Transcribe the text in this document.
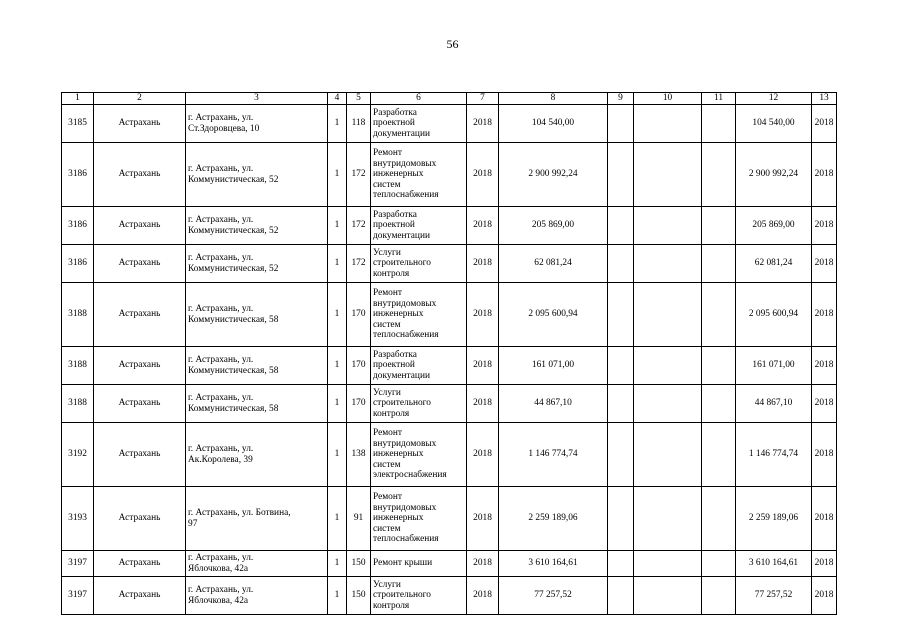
56
1	2	3	4	5	6	7	8	9	10	11	12	13
3185	Астрахань	г. Астрахань, ул.
Ст.Здоровцева, 10	1	118	Разработка
проектной
документации	2018	104 540,00				104 540,00	2018
3186	Астрахань	г. Астрахань, ул.
Коммунистическая, 52	1	172	Ремонт
внутридомовых
инженерных
систем
теплоснабжения	2018	2 900 992,24				2 900 992,24	2018
3186	Астрахань	г. Астрахань, ул.
Коммунистическая, 52	1	172	Разработка
проектной
документации	2018	205 869,00				205 869,00	2018
3186	Астрахань	г. Астрахань, ул.
Коммунистическая, 52	1	172	Услуги
строительного
контроля	2018	62 081,24				62 081,24	2018
3188	Астрахань	г. Астрахань, ул.
Коммунистическая, 58	1	170	Ремонт
внутридомовых
инженерных
систем
теплоснабжения	2018	2 095 600,94				2 095 600,94	2018
3188	Астрахань	г. Астрахань, ул.
Коммунистическая, 58	1	170	Разработка
проектной
документации	2018	161 071,00				161 071,00	2018
3188	Астрахань	г. Астрахань, ул.
Коммунистическая, 58	1	170	Услуги
строительного
контроля	2018	44 867,10				44 867,10	2018
3192	Астрахань	г. Астрахань, ул.
Ак.Королева, 39	1	138	Ремонт
внутридомовых
инженерных
систем
электроснабжения	2018	1 146 774,74				1 146 774,74	2018
3193	Астрахань	г. Астрахань, ул. Ботвина,
97	1	91	Ремонт
внутридомовых
инженерных
систем
теплоснабжения	2018	2 259 189,06				2 259 189,06	2018
3197	Астрахань	г. Астрахань, ул.
Яблочкова, 42а	1	150	Ремонт крыши	2018	3 610 164,61				3 610 164,61	2018
3197	Астрахань	г. Астрахань, ул.
Яблочкова, 42а	1	150	Услуги
строительного
контроля	2018	77 257,52				77 257,52	2018
